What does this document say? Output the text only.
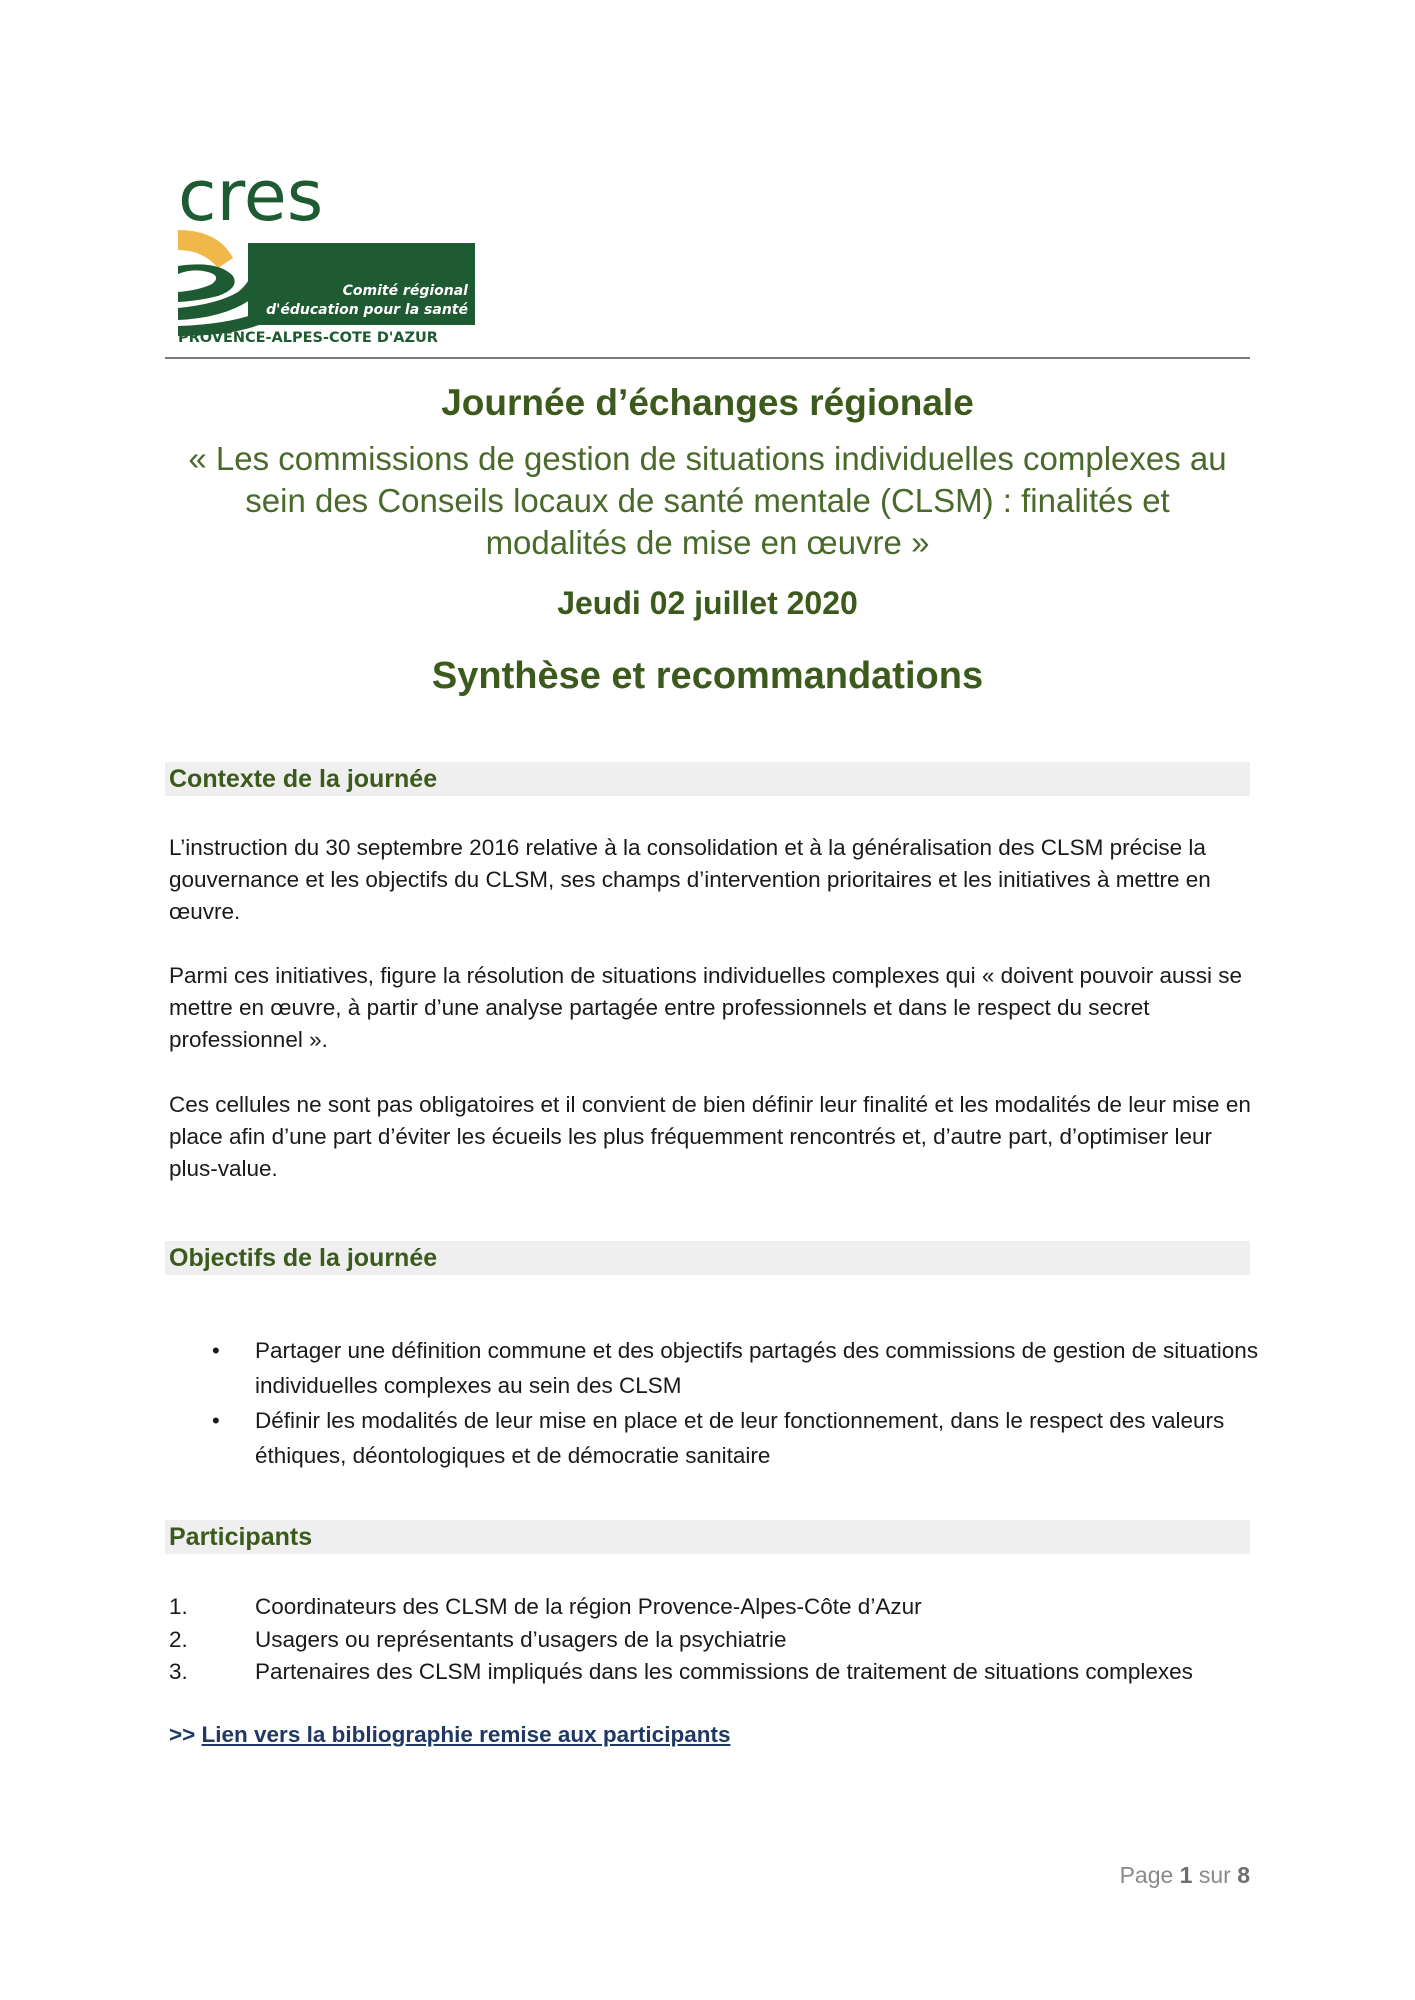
cres
Comité régional
d'éducation pour la santé
PROVENCE-ALPES-COTE D'AZUR
Journée d’échanges régionale
« Les commissions de gestion de situations individuelles complexes au sein des Conseils locaux de santé mentale (CLSM) : finalités et modalités de mise en œuvre »
Jeudi 02 juillet 2020
Synthèse et recommandations
Contexte de la journée
L’instruction du 30 septembre 2016 relative à la consolidation et à la généralisation des CLSM précise la gouvernance et les objectifs du CLSM, ses champs d’intervention prioritaires et les initiatives à mettre en œuvre.
Parmi ces initiatives, figure la résolution de situations individuelles complexes qui « doivent pouvoir aussi se mettre en œuvre, à partir d’une analyse partagée entre professionnels et dans le respect du secret professionnel ».
Ces cellules ne sont pas obligatoires et il convient de bien définir leur finalité et les modalités de leur mise en place afin d’une part d’éviter les écueils les plus fréquemment rencontrés et, d’autre part, d’optimiser leur plus-value.
Objectifs de la journée
• Partager une définition commune et des objectifs partagés des commissions de gestion de situations individuelles complexes au sein des CLSM
• Définir les modalités de leur mise en place et de leur fonctionnement, dans le respect des valeurs éthiques, déontologiques et de démocratie sanitaire
Participants
1.	Coordinateurs des CLSM de la région Provence-Alpes-Côte d’Azur
2.	Usagers ou représentants d’usagers de la psychiatrie
3.	Partenaires des CLSM impliqués dans les commissions de traitement de situations complexes
>> Lien vers la bibliographie remise aux participants
Page 1 sur 8
